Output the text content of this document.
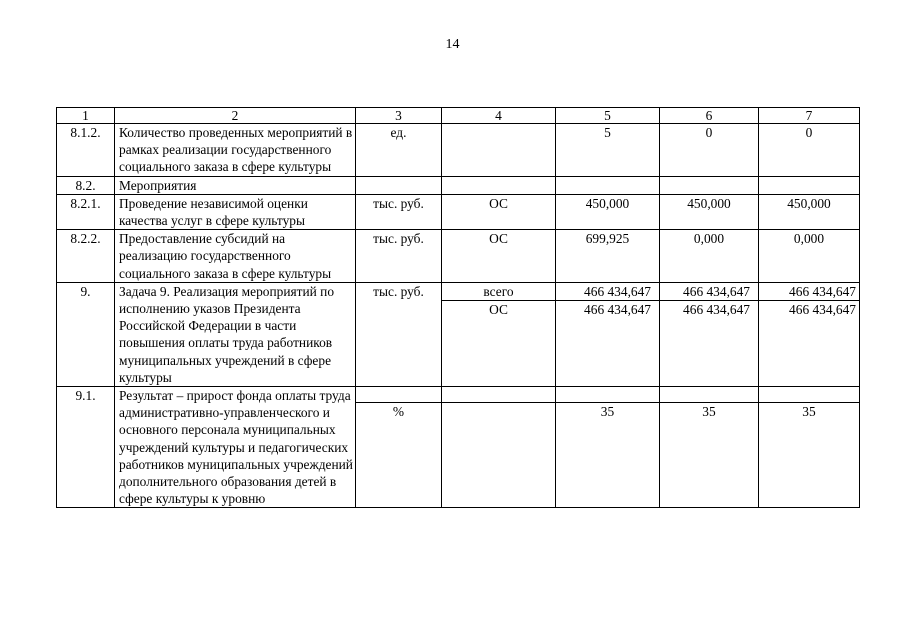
14
1	2	3	4	5	6	7
8.1.2.	Количество проведенных мероприятий в рамках реализации государственного социального заказа в сфере культуры	ед.		5	0	0
8.2.	Мероприятия					
8.2.1.	Проведение независимой оценки качества услуг в сфере культуры	тыс. руб.	ОС	450,000	450,000	450,000
8.2.2.	Предоставление субсидий на реализацию государственного социального заказа в сфере культуры	тыс. руб.	ОС	699,925	0,000	0,000
9.	Задача 9. Реализация мероприятий по исполнению указов Президента Российской Федерации в части повышения оплаты труда работников муниципальных учреждений в сфере культуры	тыс. руб.	всего	466 434,647	466 434,647	466 434,647
			ОС	466 434,647	466 434,647	466 434,647
9.1.	Результат – прирост фонда оплаты труда административно-управленческого и основного персонала муниципальных учреждений культуры и педагогических работников муниципальных учреждений дополнительного образования детей в сфере культуры к уровню					
		%		35	35	35
